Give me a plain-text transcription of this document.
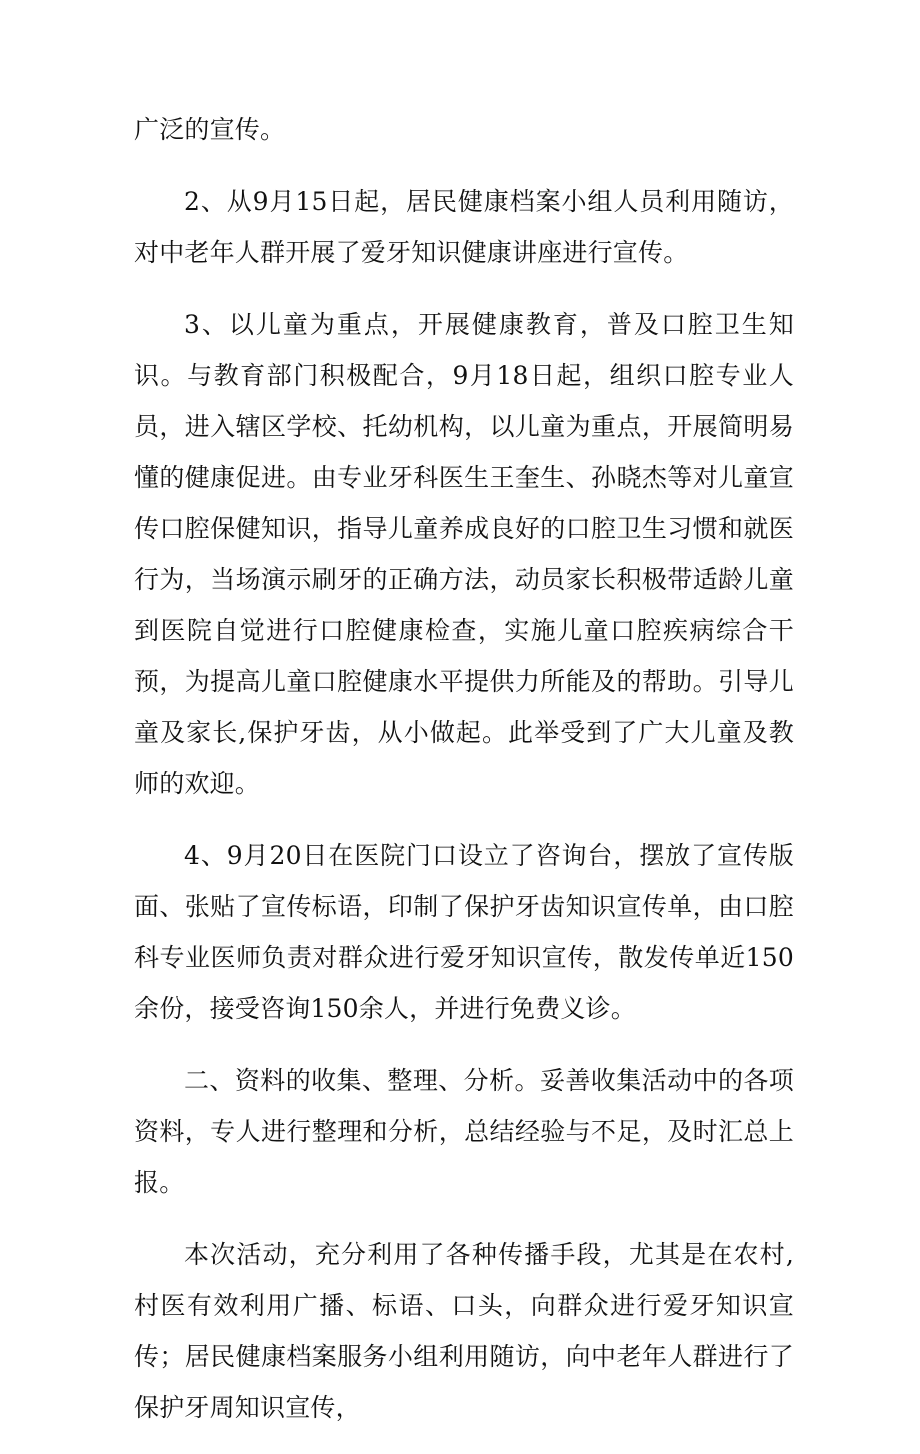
广泛的宣传。

2、从9月15日起，居民健康档案小组人员利用随访，对中老年人群开展了爱牙知识健康讲座进行宣传。

3、以儿童为重点，开展健康教育，普及口腔卫生知识。与教育部门积极配合，9月18日起，组织口腔专业人员，进入辖区学校、托幼机构，以儿童为重点，开展简明易懂的健康促进。由专业牙科医生王奎生、孙晓杰等对儿童宣传口腔保健知识，指导儿童养成良好的口腔卫生习惯和就医行为，当场演示刷牙的正确方法，动员家长积极带适龄儿童到医院自觉进行口腔健康检查，实施儿童口腔疾病综合干预，为提高儿童口腔健康水平提供力所能及的帮助。引导儿童及家长,保护牙齿，从小做起。此举受到了广大儿童及教师的欢迎。

4、9月20日在医院门口设立了咨询台，摆放了宣传版面、张贴了宣传标语，印制了保护牙齿知识宣传单，由口腔科专业医师负责对群众进行爱牙知识宣传，散发传单近150余份，接受咨询150余人，并进行免费义诊。

二、资料的收集、整理、分析。妥善收集活动中的各项资料，专人进行整理和分析，总结经验与不足，及时汇总上报。

本次活动，充分利用了各种传播手段，尤其是在农村,村医有效利用广播、标语、口头，向群众进行爱牙知识宣传；居民健康档案服务小组利用随访，向中老年人群进行了保护牙周知识宣传，
